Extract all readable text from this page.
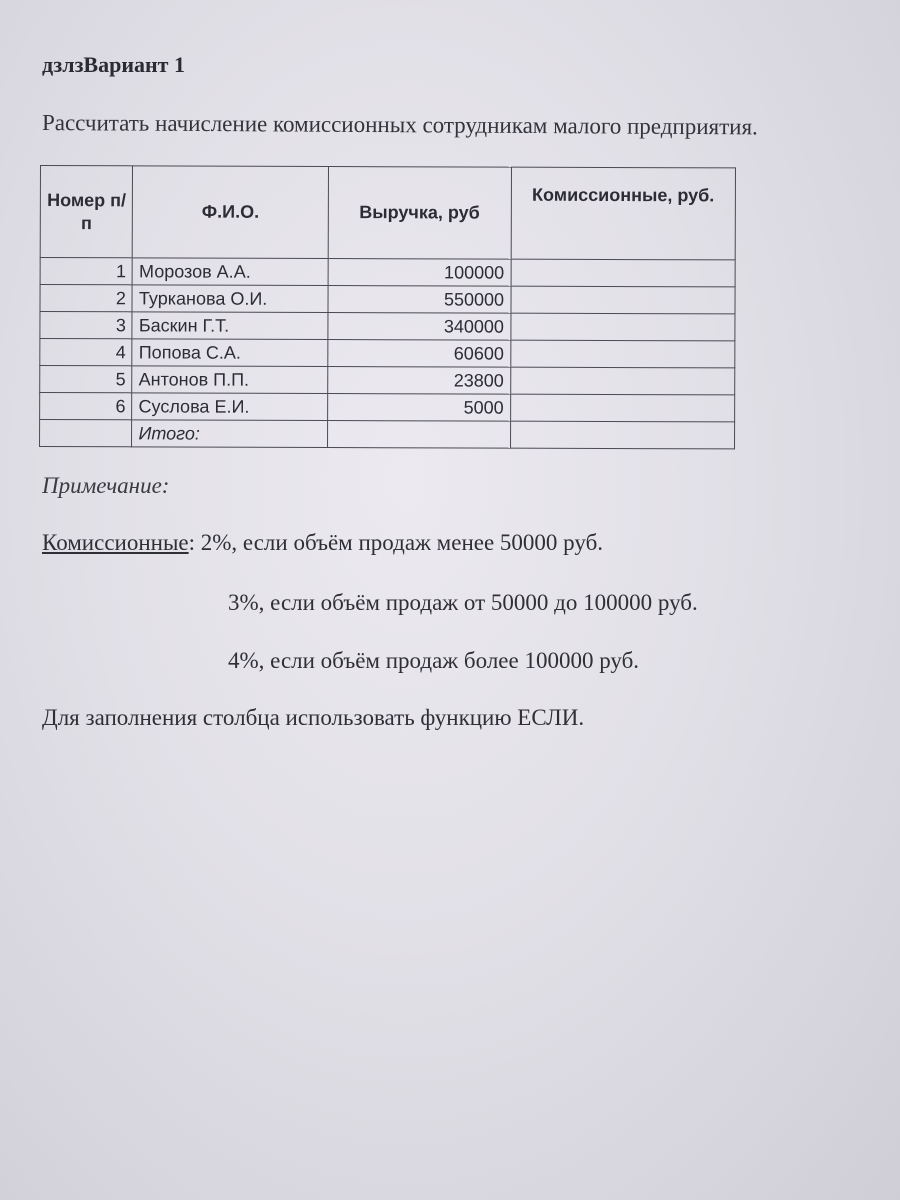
дзлзВариант 1
Рассчитать начисление комиссионных сотрудникам малого предприятия.
Номер п/п	Ф.И.О.	Выручка, руб	Комиссионные, руб.
1	Морозов А.А.	100000	
2	Турканова О.И.	550000	
3	Баскин Г.Т.	340000	
4	Попова С.А.	60600	
5	Антонов П.П.	23800	
6	Суслова Е.И.	5000	
	Итого:		
Примечание:
Комиссионные: 2%, если объём продаж менее 50000 руб.
3%, если объём продаж от 50000 до 100000 руб.
4%, если объём продаж более 100000 руб.
Для заполнения столбца использовать функцию ЕСЛИ.
